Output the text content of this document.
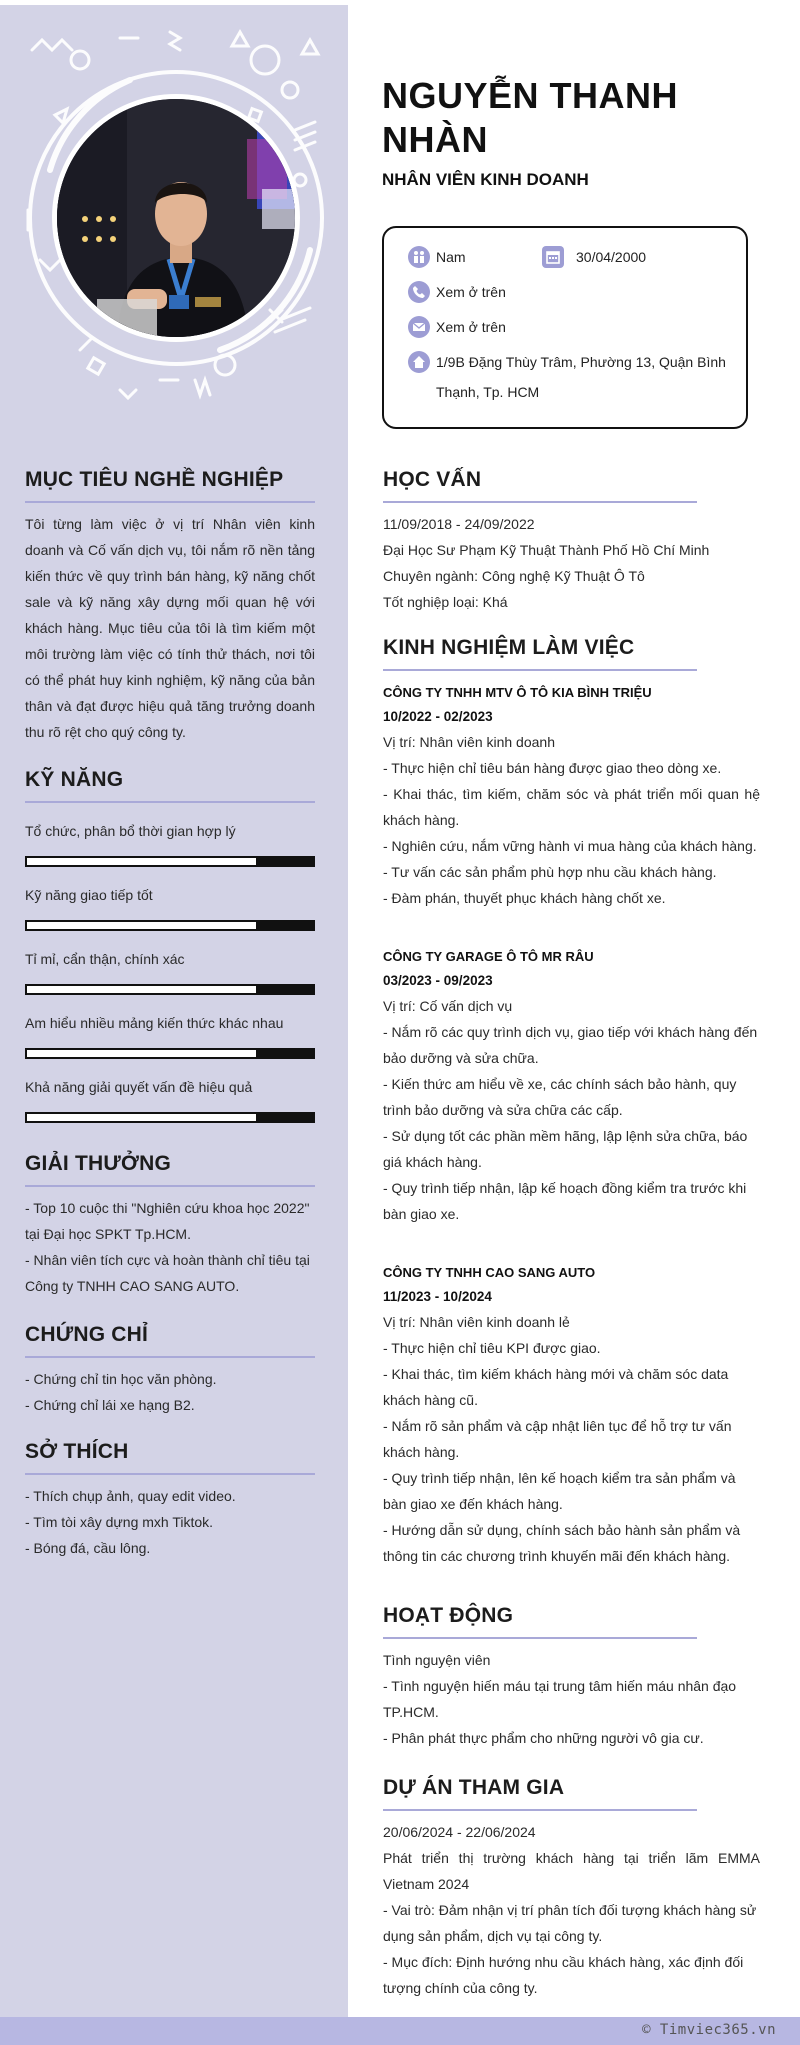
MỤC TIÊU NGHỀ NGHIỆP
Tôi từng làm việc ở vị trí Nhân viên kinh doanh và Cố vấn dịch vụ, tôi nắm rõ nền tảng kiến thức về quy trình bán hàng, kỹ năng chốt sale và kỹ năng xây dựng mối quan hệ với khách hàng. Mục tiêu của tôi là tìm kiếm một môi trường làm việc có tính thử thách, nơi tôi có thể phát huy kinh nghiệm, kỹ năng của bản thân và đạt được hiệu quả tăng trưởng doanh thu rõ rệt cho quý công ty.
KỸ NĂNG
Tổ chức, phân bổ thời gian hợp lý
Kỹ năng giao tiếp tốt
Tỉ mỉ, cẩn thận, chính xác
Am hiểu nhiều mảng kiến thức khác nhau
Khả năng giải quyết vấn đề hiệu quả
GIẢI THƯỞNG
- Top 10 cuộc thi "Nghiên cứu khoa học 2022" tại Đại học SPKT Tp.HCM.
- Nhân viên tích cực và hoàn thành chỉ tiêu tại Công ty TNHH CAO SANG AUTO.
CHỨNG CHỈ
- Chứng chỉ tin học văn phòng.
- Chứng chỉ lái xe hạng B2.
SỞ THÍCH
- Thích chụp ảnh, quay edit video.
- Tìm tòi xây dựng mxh Tiktok.
- Bóng đá, cầu lông.
NGUYỄN THANH NHÀN
NHÂN VIÊN KINH DOANH
Nam	30/04/2000
Xem ở trên
Xem ở trên
1/9B Đặng Thùy Trâm, Phường 13, Quận Bình Thạnh, Tp. HCM
HỌC VẤN
11/09/2018 - 24/09/2022
Đại Học Sư Phạm Kỹ Thuật Thành Phố Hồ Chí Minh
Chuyên ngành: Công nghệ Kỹ Thuật Ô Tô
Tốt nghiệp loại: Khá
KINH NGHIỆM LÀM VIỆC
CÔNG TY TNHH MTV Ô TÔ KIA BÌNH TRIỆU
10/2022 - 02/2023
Vị trí: Nhân viên kinh doanh
- Thực hiện chỉ tiêu bán hàng được giao theo dòng xe.
- Khai thác, tìm kiếm, chăm sóc và phát triển mối quan hệ khách hàng.
- Nghiên cứu, nắm vững hành vi mua hàng của khách hàng. - Tư vấn các sản phẩm phù hợp nhu cầu khách hàng.
- Đàm phán, thuyết phục khách hàng chốt xe.
CÔNG TY GARAGE Ô TÔ MR RÂU
03/2023 - 09/2023
Vị trí: Cố vấn dịch vụ
- Nắm rõ các quy trình dịch vụ, giao tiếp với khách hàng đến bảo dưỡng và sửa chữa.
- Kiến thức am hiểu về xe, các chính sách bảo hành, quy trình bảo dưỡng và sửa chữa các cấp.
- Sử dụng tốt các phần mềm hãng, lập lệnh sửa chữa, báo giá khách hàng.
- Quy trình tiếp nhận, lập kế hoạch đồng kiểm tra trước khi bàn giao xe.
CÔNG TY TNHH CAO SANG AUTO
11/2023 - 10/2024
Vị trí: Nhân viên kinh doanh lẻ
- Thực hiện chỉ tiêu KPI được giao.
- Khai thác, tìm kiếm khách hàng mới và chăm sóc data khách hàng cũ.
- Nắm rõ sản phẩm và cập nhật liên tục để hỗ trợ tư vấn khách hàng.
- Quy trình tiếp nhận, lên kế hoạch kiểm tra sản phẩm và bàn giao xe đến khách hàng.
- Hướng dẫn sử dụng, chính sách bảo hành sản phẩm và thông tin các chương trình khuyến mãi đến khách hàng.
HOẠT ĐỘNG
Tình nguyện viên
- Tình nguyện hiến máu tại trung tâm hiến máu nhân đạo TP.HCM.
- Phân phát thực phẩm cho những người vô gia cư.
DỰ ÁN THAM GIA
20/06/2024 - 22/06/2024
Phát triển thị trường khách hàng tại triển lãm EMMA Vietnam 2024
- Vai trò: Đảm nhận vị trí phân tích đối tượng khách hàng sử dụng sản phẩm, dịch vụ tại công ty.
- Mục đích: Định hướng nhu cầu khách hàng, xác định đối tượng chính của công ty.
© Timviec365.vn
